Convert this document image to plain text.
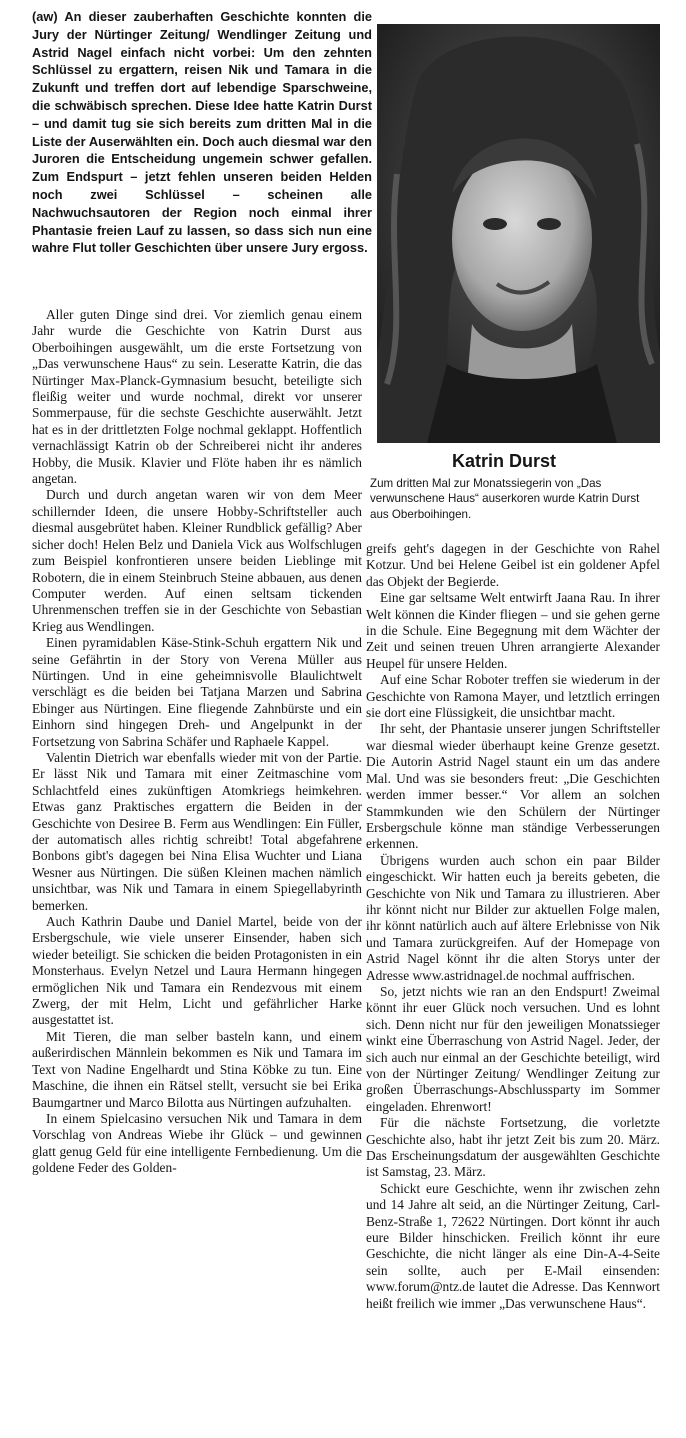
(aw) An dieser zauberhaften Geschichte konnten die Jury der Nürtinger Zeitung/ Wendlinger Zeitung und Astrid Nagel einfach nicht vorbei: Um den zehnten Schlüssel zu ergattern, reisen Nik und Tamara in die Zukunft und treffen dort auf lebendige Sparschweine, die schwäbisch sprechen. Diese Idee hatte Katrin Durst – und damit tug sie sich bereits zum dritten Mal in die Liste der Auserwählten ein. Doch auch diesmal war den Juroren die Entscheidung ungemein schwer gefallen. Zum Endspurt – jetzt fehlen unseren beiden Helden noch zwei Schlüssel – scheinen alle Nachwuchsautoren der Region noch einmal ihrer Phantasie freien Lauf zu lassen, so dass sich nun eine wahre Flut toller Geschichten über unsere Jury ergoss.

Katrin Durst

Zum dritten Mal zur Monatssiegerin von „Das verwunschene Haus“ auserkoren wurde Katrin Durst aus Oberboihingen.

Aller guten Dinge sind drei. Vor ziemlich genau einem Jahr wurde die Geschichte von Katrin Durst aus Oberboihingen ausgewählt, um die erste Fortsetzung von „Das verwunschene Haus“ zu sein. Leseratte Katrin, die das Nürtinger Max-Planck-Gymnasium besucht, beteiligte sich fleißig weiter und wurde nochmal, direkt vor unserer Sommerpause, für die sechste Geschichte auserwählt. Jetzt hat es in der drittletzten Folge nochmal geklappt. Hoffentlich vernachlässigt Katrin ob der Schreiberei nicht ihr anderes Hobby, die Musik. Klavier und Flöte haben ihr es nämlich angetan.

Durch und durch angetan waren wir von dem Meer schillernder Ideen, die unsere Hobby-Schriftsteller auch diesmal ausgebrütet haben. Kleiner Rundblick gefällig? Aber sicher doch! Helen Belz und Daniela Vick aus Wolfschlugen zum Beispiel konfrontieren unsere beiden Lieblinge mit Robotern, die in einem Steinbruch Steine abbauen, aus denen Computer werden. Auf einen seltsam tickenden Uhrenmenschen treffen sie in der Geschichte von Sebastian Krieg aus Wendlingen.

Einen pyramidablen Käse-Stink-Schuh ergattern Nik und seine Gefährtin in der Story von Verena Müller aus Nürtingen. Und in eine geheimnisvolle Blaulichtwelt verschlägt es die beiden bei Tatjana Marzen und Sabrina Ebinger aus Nürtingen. Eine fliegende Zahnbürste und ein Einhorn sind hingegen Dreh- und Angelpunkt in der Fortsetzung von Sabrina Schäfer und Raphaele Kappel.

Valentin Dietrich war ebenfalls wieder mit von der Partie. Er lässt Nik und Tamara mit einer Zeitmaschine vom Schlachtfeld eines zukünftigen Atomkriegs heimkehren. Etwas ganz Praktisches ergattern die Beiden in der Geschichte von Desiree B. Ferm aus Wendlingen: Ein Füller, der automatisch alles richtig schreibt! Total abgefahrene Bonbons gibt's dagegen bei Nina Elisa Wuchter und Liana Wesner aus Nürtingen. Die süßen Kleinen machen nämlich unsichtbar, was Nik und Tamara in einem Spiegellabyrinth bemerken.

Auch Kathrin Daube und Daniel Martel, beide von der Ersbergschule, wie viele unserer Einsender, haben sich wieder beteiligt. Sie schicken die beiden Protagonisten in ein Monsterhaus. Evelyn Netzel und Laura Hermann hingegen ermöglichen Nik und Tamara ein Rendezvous mit einem Zwerg, der mit Helm, Licht und gefährlicher Harke ausgestattet ist.

Mit Tieren, die man selber basteln kann, und einem außerirdischen Männlein bekommen es Nik und Tamara im Text von Nadine Engelhardt und Stina Köbke zu tun. Eine Maschine, die ihnen ein Rätsel stellt, versucht sie bei Erika Baumgartner und Marco Bilotta aus Nürtingen aufzuhalten.

In einem Spielcasino versuchen Nik und Tamara in dem Vorschlag von Andreas Wiebe ihr Glück – und gewinnen glatt genug Geld für eine intelligente Fernbedienung. Um die goldene Feder des Golden-

greifs geht's dagegen in der Geschichte von Rahel Kotzur. Und bei Helene Geibel ist ein goldener Apfel das Objekt der Begierde.

Eine gar seltsame Welt entwirft Jaana Rau. In ihrer Welt können die Kinder fliegen – und sie gehen gerne in die Schule. Eine Begegnung mit dem Wächter der Zeit und seinen treuen Uhren arrangierte Alexander Heupel für unsere Helden.

Auf eine Schar Roboter treffen sie wiederum in der Geschichte von Ramona Mayer, und letztlich erringen sie dort eine Flüssigkeit, die unsichtbar macht.

Ihr seht, der Phantasie unserer jungen Schriftsteller war diesmal wieder überhaupt keine Grenze gesetzt. Die Autorin Astrid Nagel staunt ein um das andere Mal. Und was sie besonders freut: „Die Geschichten werden immer besser.“ Vor allem an solchen Stammkunden wie den Schülern der Nürtinger Ersbergschule könne man ständige Verbesserungen erkennen.

Übrigens wurden auch schon ein paar Bilder eingeschickt. Wir hatten euch ja bereits gebeten, die Geschichte von Nik und Tamara zu illustrieren. Aber ihr könnt nicht nur Bilder zur aktuellen Folge malen, ihr könnt natürlich auch auf ältere Erlebnisse von Nik und Tamara zurückgreifen. Auf der Homepage von Astrid Nagel könnt ihr die alten Storys unter der Adresse www.astridnagel.de nochmal auffrischen.

So, jetzt nichts wie ran an den Endspurt! Zweimal könnt ihr euer Glück noch versuchen. Und es lohnt sich. Denn nicht nur für den jeweiligen Monatssieger winkt eine Überraschung von Astrid Nagel. Jeder, der sich auch nur einmal an der Geschichte beteiligt, wird von der Nürtinger Zeitung/ Wendlinger Zeitung zur großen Überraschungs-Abschlussparty im Sommer eingeladen. Ehrenwort!

Für die nächste Fortsetzung, die vorletzte Geschichte also, habt ihr jetzt Zeit bis zum 20. März. Das Erscheinungsdatum der ausgewählten Geschichte ist Samstag, 23. März.

Schickt eure Geschichte, wenn ihr zwischen zehn und 14 Jahre alt seid, an die Nürtinger Zeitung, Carl-Benz-Straße 1, 72622 Nürtingen. Dort könnt ihr auch eure Bilder hinschicken. Freilich könnt ihr eure Geschichte, die nicht länger als eine Din-A-4-Seite sein sollte, auch per E-Mail einsenden: www.forum@ntz.de lautet die Adresse. Das Kennwort heißt freilich wie immer „Das verwunschene Haus“.
